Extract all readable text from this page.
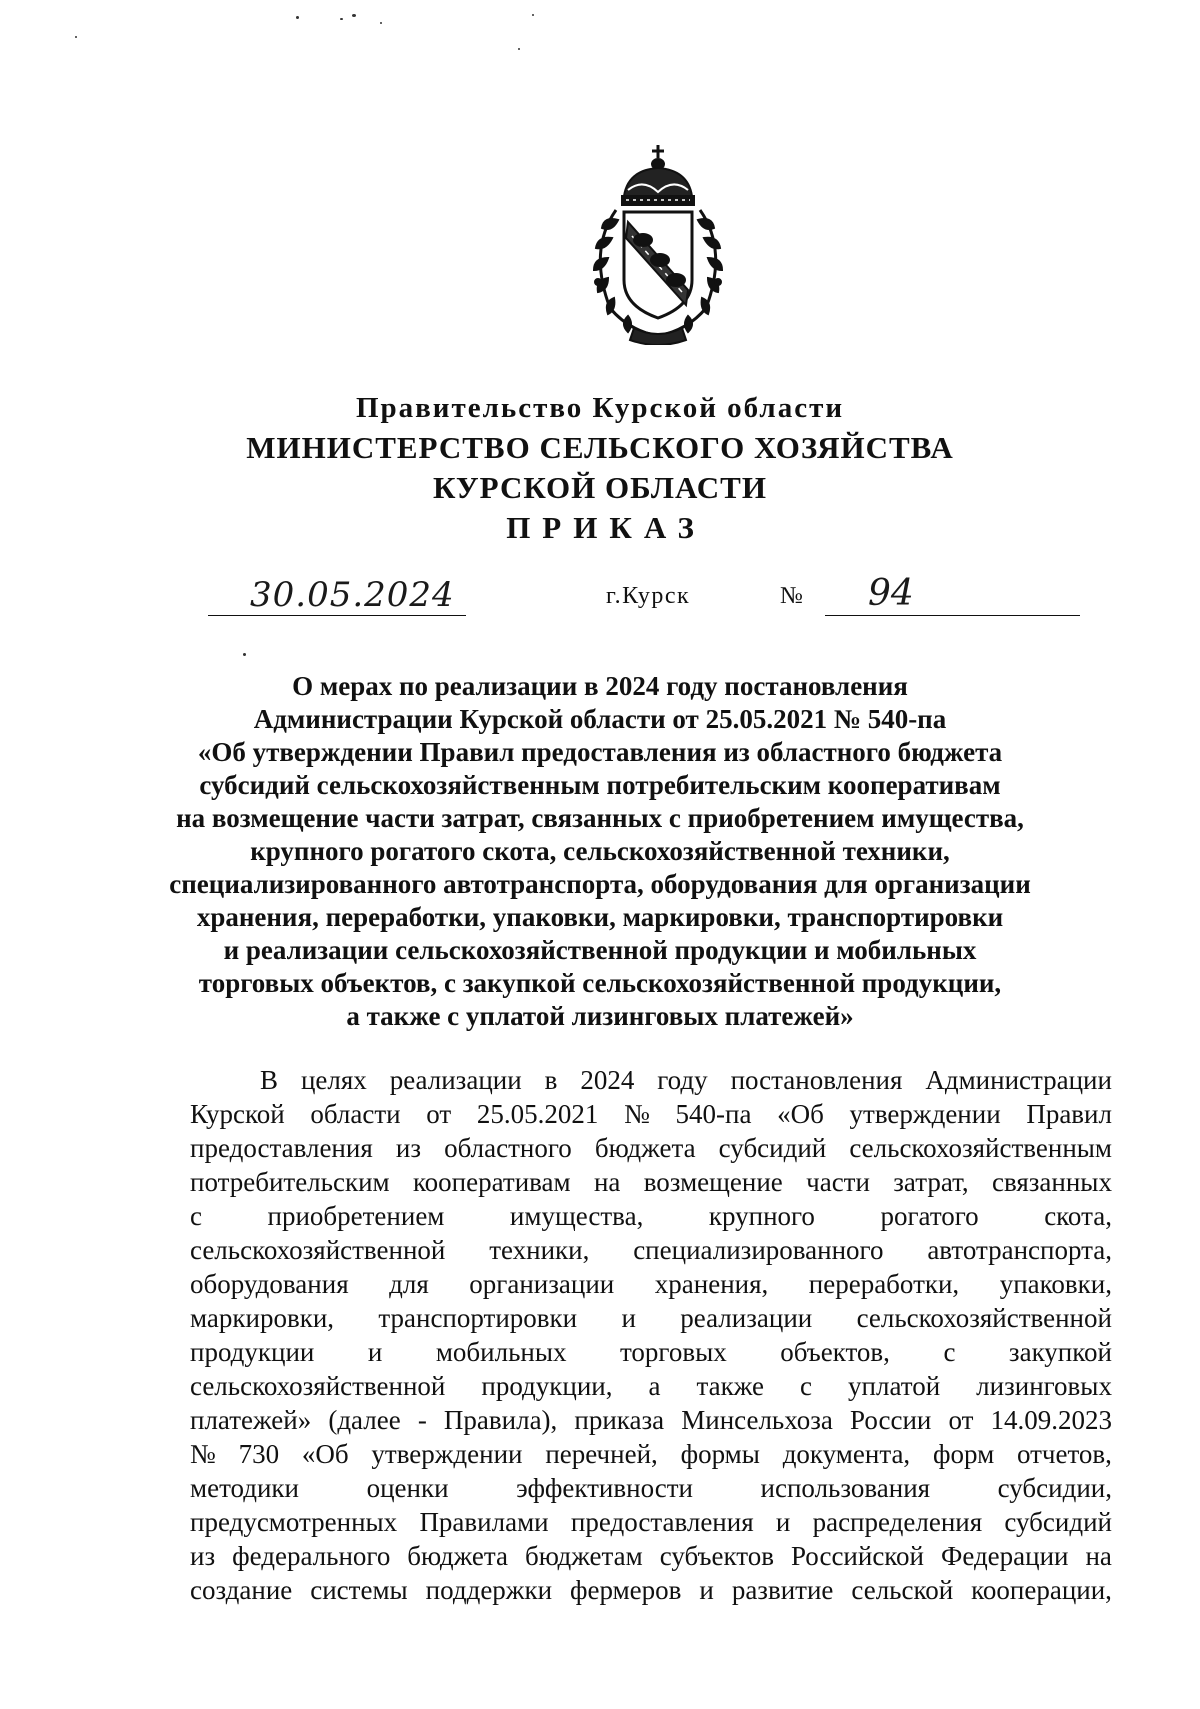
Правительство Курской области
МИНИСТЕРСТВО СЕЛЬСКОГО ХОЗЯЙСТВА
КУРСКОЙ ОБЛАСТИ
ПРИКАЗ
30.05.2024	г.Курск	№ 94
О мерах по реализации в 2024 году постановления
Администрации Курской области от 25.05.2021 № 540-па
«Об утверждении Правил предоставления из областного бюджета
субсидий сельскохозяйственным потребительским кооперативам
на возмещение части затрат, связанных с приобретением имущества,
крупного рогатого скота, сельскохозяйственной техники,
специализированного автотранспорта, оборудования для организации
хранения, переработки, упаковки, маркировки, транспортировки
и реализации сельскохозяйственной продукции и мобильных
торговых объектов, с закупкой сельскохозяйственной продукции,
а также с уплатой лизинговых платежей»
В целях реализации в 2024 году постановления Администрации
Курской области от 25.05.2021 № 540-па «Об утверждении Правил
предоставления из областного бюджета субсидий сельскохозяйственным
потребительским кооперативам на возмещение части затрат, связанных
с приобретением имущества, крупного рогатого скота,
сельскохозяйственной техники, специализированного автотранспорта,
оборудования для организации хранения, переработки, упаковки,
маркировки, транспортировки и реализации сельскохозяйственной
продукции и мобильных торговых объектов, с закупкой
сельскохозяйственной продукции, а также с уплатой лизинговых
платежей» (далее - Правила), приказа Минсельхоза России от 14.09.2023
№ 730 «Об утверждении перечней, формы документа, форм отчетов,
методики	оценки	эффективности	использования	субсидии,
предусмотренных Правилами предоставления и распределения субсидий
из федерального бюджета бюджетам субъектов Российской Федерации на
создание системы поддержки фермеров и развитие сельской кооперации,
